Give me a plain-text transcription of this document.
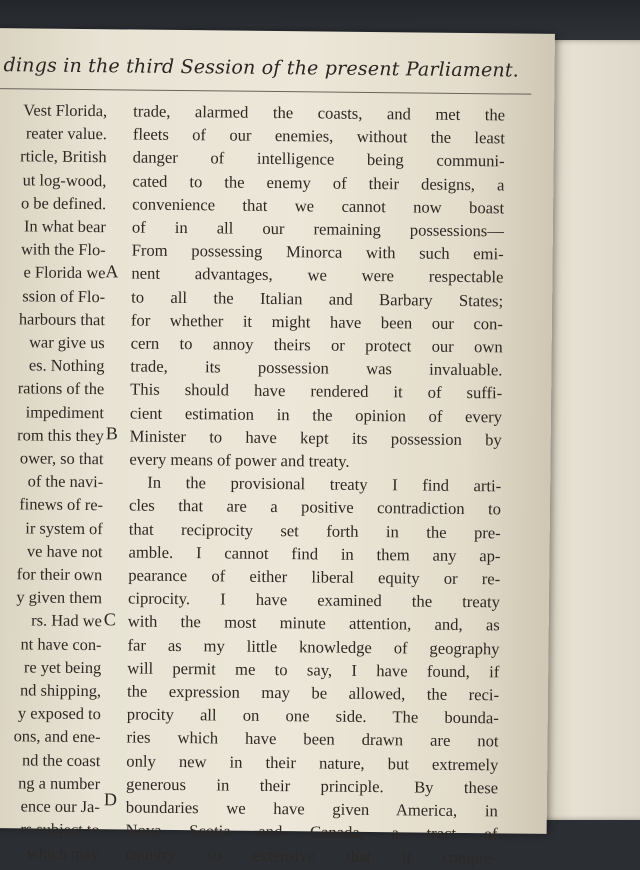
dings in the third Session of the present Parliament.
Vest Florida,
reater value.
rticle, British
ut log-wood,
o be defined.
In what bear
with the Flo-
e Florida we
ssion of Flo-
harbours that
war give us
es. Nothing
rations of the
impediment
rom this they
ower, so that
of the navi-
finews of re-
ir system of
ve have not
for their own
y given them
rs. Had we
nt have con-
re yet being
nd shipping,
y exposed to
ons, and ene-
nd the coast
ng a number
ence our Ja-
rs subject to
which may
A
B
C
D
trade, alarmed the coasts, and met the
fleets of our enemies, without the least
danger of intelligence being communi-
cated to the enemy of their designs, a
convenience that we cannot now boast
of in all our remaining possessions—
From possessing Minorca with such emi-
nent advantages, we were respectable
to all the Italian and Barbary States;
for whether it might have been our con-
cern to annoy theirs or protect our own
trade, its possession was invaluable.
This should have rendered it of suffi-
cient estimation in the opinion of every
Minister to have kept its possession by
every means of power and treaty.
In the provisional treaty I find arti-
cles that are a positive contradiction to
that reciprocity set forth in the pre-
amble. I cannot find in them any ap-
pearance of either liberal equity or re-
ciprocity. I have examined the treaty
with the most minute attention, and, as
far as my little knowledge of geography
will permit me to say, I have found, if
the expression may be allowed, the reci-
procity all on one side. The bounda-
ries which have been drawn are not
only new in their nature, but extremely
generous in their principle. By these
boundaries we have given America, in
Nova Scotia and Canada, a tract of
country so extensive that it compre-
